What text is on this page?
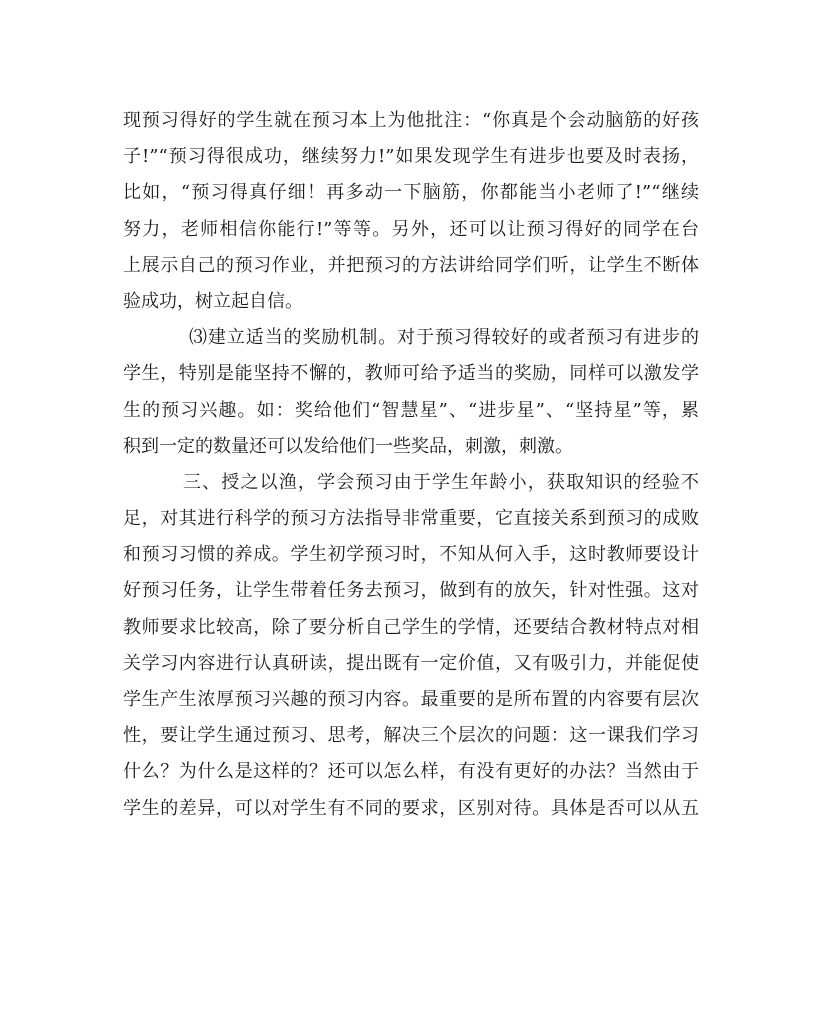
现预习得好的学生就在预习本上为他批注：“你真是个会动脑筋的好孩
子!”“预习得很成功，继续努力!”如果发现学生有进步也要及时表扬，
比如，“预习得真仔细！再多动一下脑筋，你都能当小老师了!”“继续
努力，老师相信你能行!”等等。另外，还可以让预习得好的同学在台
上展示自己的预习作业，并把预习的方法讲给同学们听，让学生不断体
验成功，树立起自信。
⑶建立适当的奖励机制。对于预习得较好的或者预习有进步的
学生，特别是能坚持不懈的，教师可给予适当的奖励，同样可以激发学
生的预习兴趣。如：奖给他们“智慧星”、“进步星”、“坚持星”等，累
积到一定的数量还可以发给他们一些奖品，刺激，刺激。
三、授之以渔，学会预习由于学生年龄小，获取知识的经验不
足，对其进行科学的预习方法指导非常重要，它直接关系到预习的成败
和预习习惯的养成。学生初学预习时，不知从何入手，这时教师要设计
好预习任务，让学生带着任务去预习，做到有的放矢，针对性强。这对
教师要求比较高，除了要分析自己学生的学情，还要结合教材特点对相
关学习内容进行认真研读，提出既有一定价值，又有吸引力，并能促使
学生产生浓厚预习兴趣的预习内容。最重要的是所布置的内容要有层次
性，要让学生通过预习、思考，解决三个层次的问题：这一课我们学习
什么？为什么是这样的？还可以怎么样，有没有更好的办法？当然由于
学生的差异，可以对学生有不同的要求，区别对待。具体是否可以从五
